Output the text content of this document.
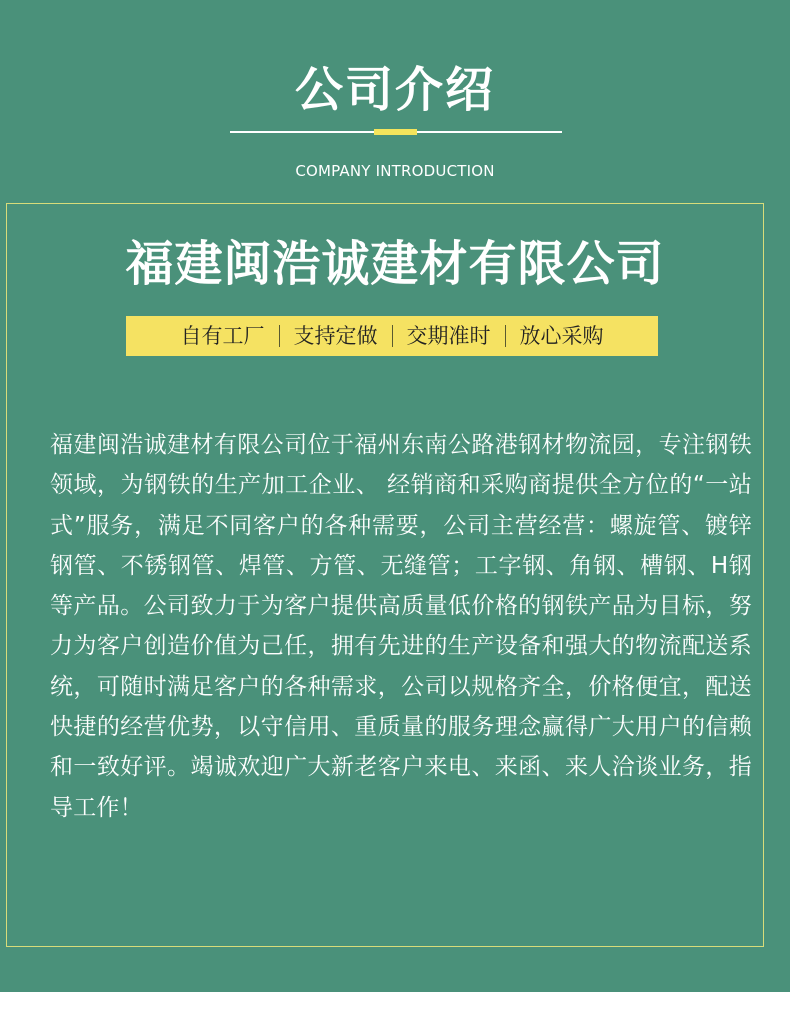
公司介绍
COMPANY INTRODUCTION
福建闽浩诚建材有限公司
自有工厂	支持定做	交期准时	放心采购

福建闽浩诚建材有限公司位于福州东南公路港钢材物流园，专注钢铁领域，为钢铁的生产加工企业、 经销商和采购商提供全方位的“一站式”服务，满足不同客户的各种需要，公司主营经营：螺旋管、镀锌钢管、不锈钢管、焊管、方管、无缝管；工字钢、角钢、槽钢、H钢等产品。公司致力于为客户提供高质量低价格的钢铁产品为目标，努力为客户创造价值为己任，拥有先进的生产设备和强大的物流配送系统，可随时满足客户的各种需求，公司以规格齐全，价格便宜，配送快捷的经营优势，以守信用、重质量的服务理念赢得广大用户的信赖和一致好评。竭诚欢迎广大新老客户来电、来函、来人洽谈业务，指导工作！
